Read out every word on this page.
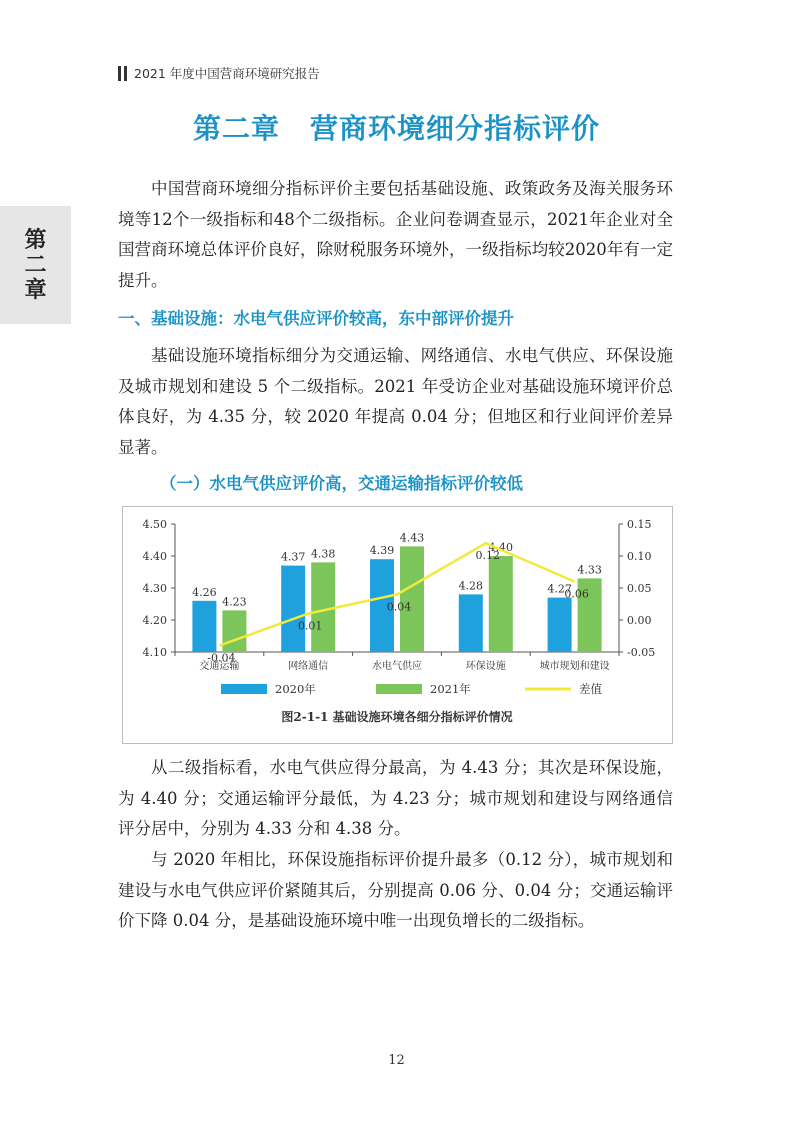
2021 年度中国营商环境研究报告
第二章
第二章 营商环境细分指标评价

中国营商环境细分指标评价主要包括基础设施、政策政务及海关服务环境等12个一级指标和48个二级指标。企业问卷调查显示，2021年企业对全国营商环境总体评价良好，除财税服务环境外，一级指标均较2020年有一定提升。

一、基础设施：水电气供应评价较高，东中部评价提升

基础设施环境指标细分为交通运输、网络通信、水电气供应、环保设施及城市规划和建设 5 个二级指标。2021 年受访企业对基础设施环境评价总体良好，为 4.35 分，较 2020 年提高 0.04 分；但地区和行业间评价差异显著。

（一）水电气供应评价高，交通运输指标评价较低
4.10
4.20
4.30
4.40
4.50
-0.05
0.00
0.05
0.10
0.15
4.26
4.37	4.39
4.28	4.27
4.23
4.38
4.43
4.40
4.33
-0.04
0.01
0.04
0.12
0.06
交通运输	网络通信	水电气供应	环保设施	城市规划和建设
2020年	2021年	差值
图2-1-1 基础设施环境各细分指标评价情况

从二级指标看，水电气供应得分最高，为 4.43 分；其次是环保设施，为 4.40 分；交通运输评分最低，为 4.23 分；城市规划和建设与网络通信评分居中，分别为 4.33 分和 4.38 分。

与 2020 年相比，环保设施指标评价提升最多（0.12 分），城市规划和建设与水电气供应评价紧随其后，分别提高 0.06 分、0.04 分；交通运输评价下降 0.04 分，是基础设施环境中唯一出现负增长的二级指标。

12
